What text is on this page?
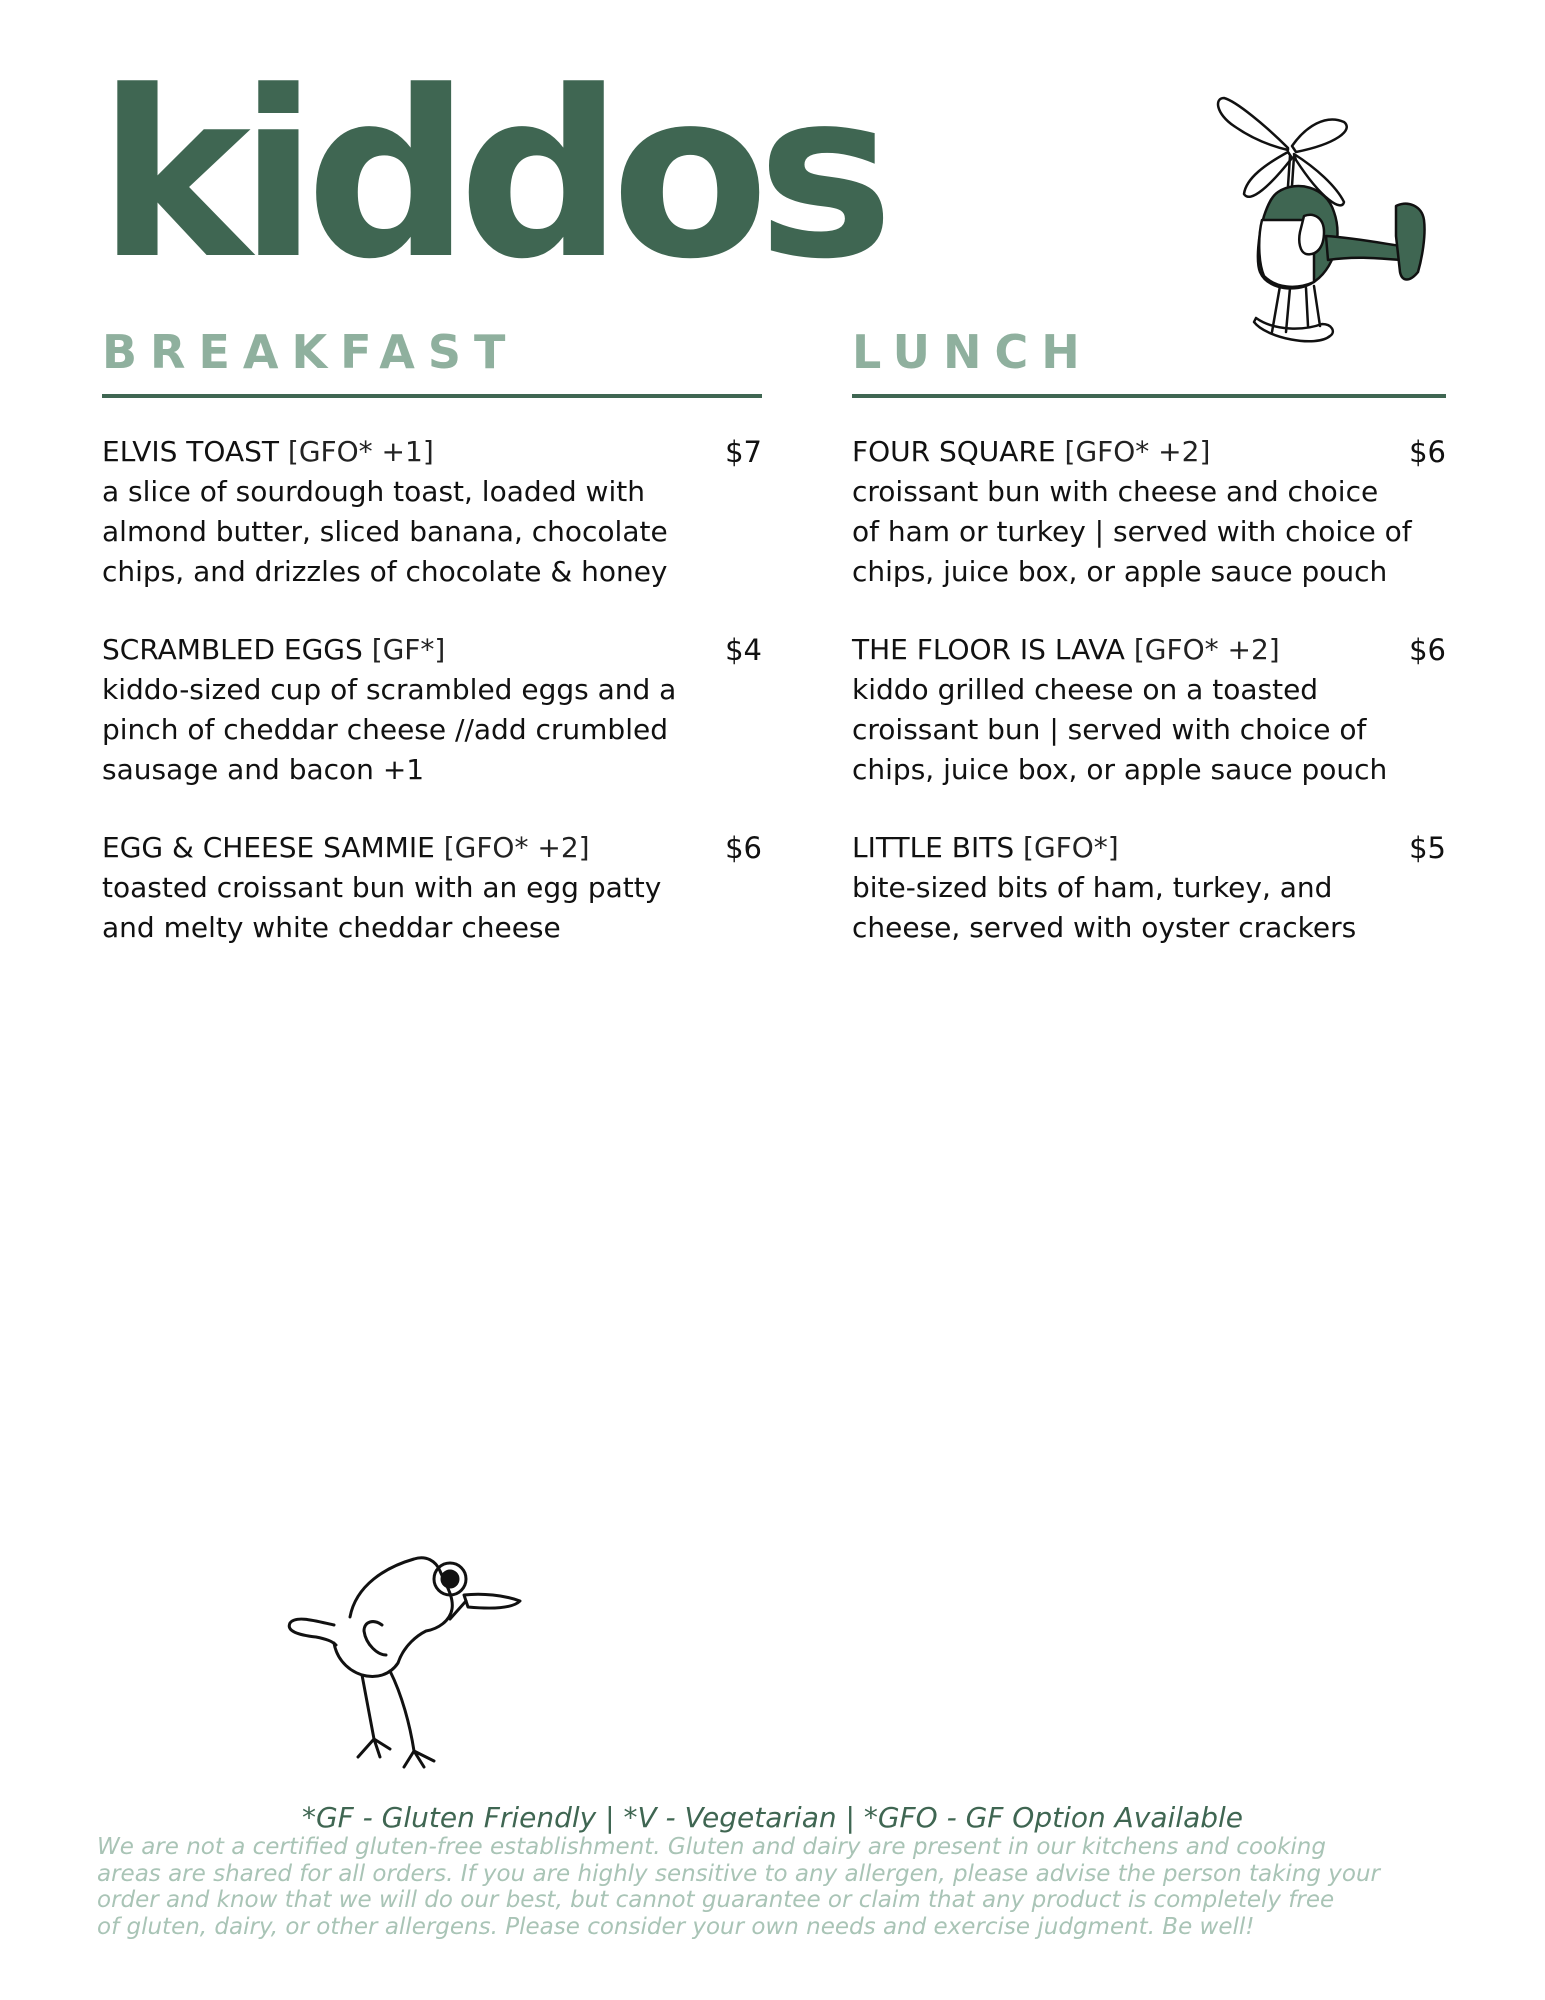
kiddos
BREAKFAST
ELVIS TOAST [GFO* +1]	$7
a slice of sourdough toast, loaded with
almond butter, sliced banana, chocolate
chips, and drizzles of chocolate & honey
SCRAMBLED EGGS [GF*]	$4
kiddo-sized cup of scrambled eggs and a
pinch of cheddar cheese //add crumbled
sausage and bacon +1
EGG & CHEESE SAMMIE [GFO* +2]	$6
toasted croissant bun with an egg patty
and melty white cheddar cheese
LUNCH
FOUR SQUARE [GFO* +2]	$6
croissant bun with cheese and choice
of ham or turkey | served with choice of
chips, juice box, or apple sauce pouch
THE FLOOR IS LAVA [GFO* +2]	$6
kiddo grilled cheese on a toasted
croissant bun | served with choice of
chips, juice box, or apple sauce pouch
LITTLE BITS [GFO*]	$5
bite-sized bits of ham, turkey, and
cheese, served with oyster crackers
*GF - Gluten Friendly | *V - Vegetarian | *GFO - GF Option Available
We are not a certified gluten-free establishment. Gluten and dairy are present in our kitchens and cooking
areas are shared for all orders. If you are highly sensitive to any allergen, please advise the person taking your
order and know that we will do our best, but cannot guarantee or claim that any product is completely free
of gluten, dairy, or other allergens. Please consider your own needs and exercise judgment. Be well!
